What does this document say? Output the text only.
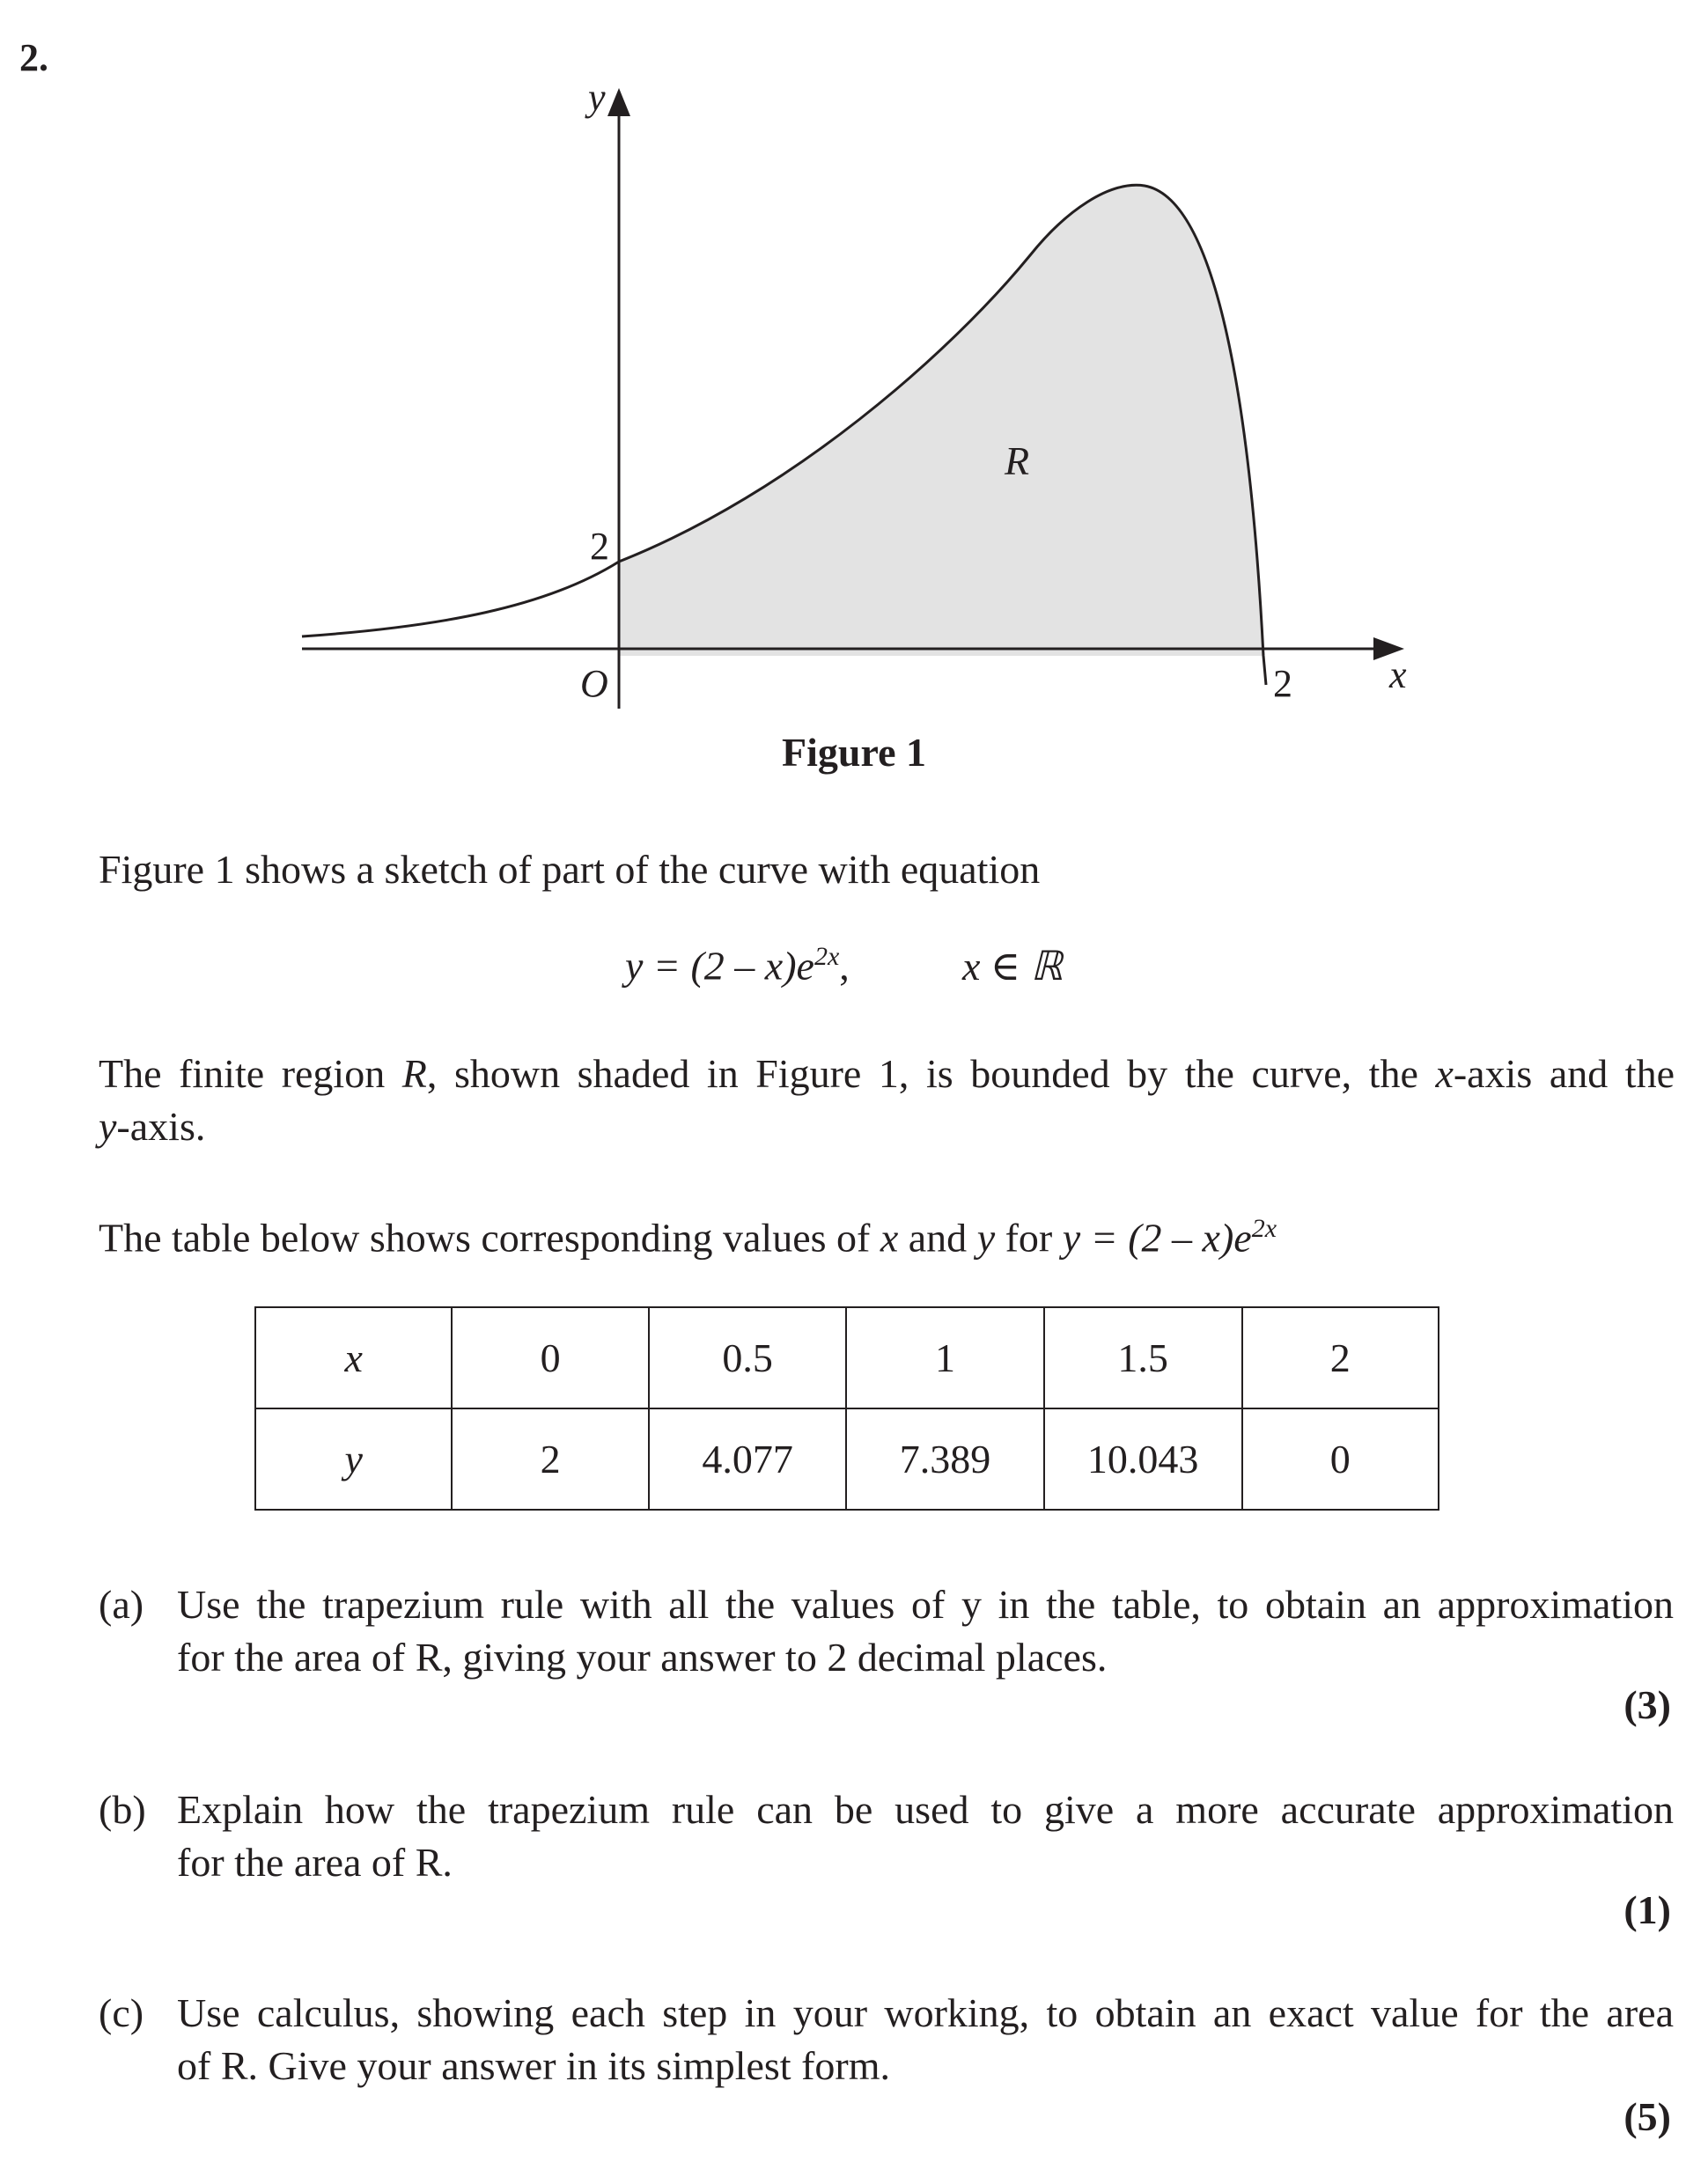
2.
y
x
O
2
2
R
Figure 1
Figure 1 shows a sketch of part of the curve with equation
$y = (2 - x)e^{2x}$,	x ∈ ℝ
The finite region R, shown shaded in Figure 1, is bounded by the curve, the x-axis and the
y-axis.
The table below shows corresponding values of x and y for $y = (2 - x)e^{2x}$
x	0	0.5	1	1.5	2
y	2	4.077	7.389	10.043	0
(a) Use the trapezium rule with all the values of y in the table, to obtain an approximation
for the area of R, giving your answer to 2 decimal places.
(3)
(b) Explain how the trapezium rule can be used to give a more accurate approximation
for the area of R.
(1)
(c) Use calculus, showing each step in your working, to obtain an exact value for the area
of R. Give your answer in its simplest form.
(5)
